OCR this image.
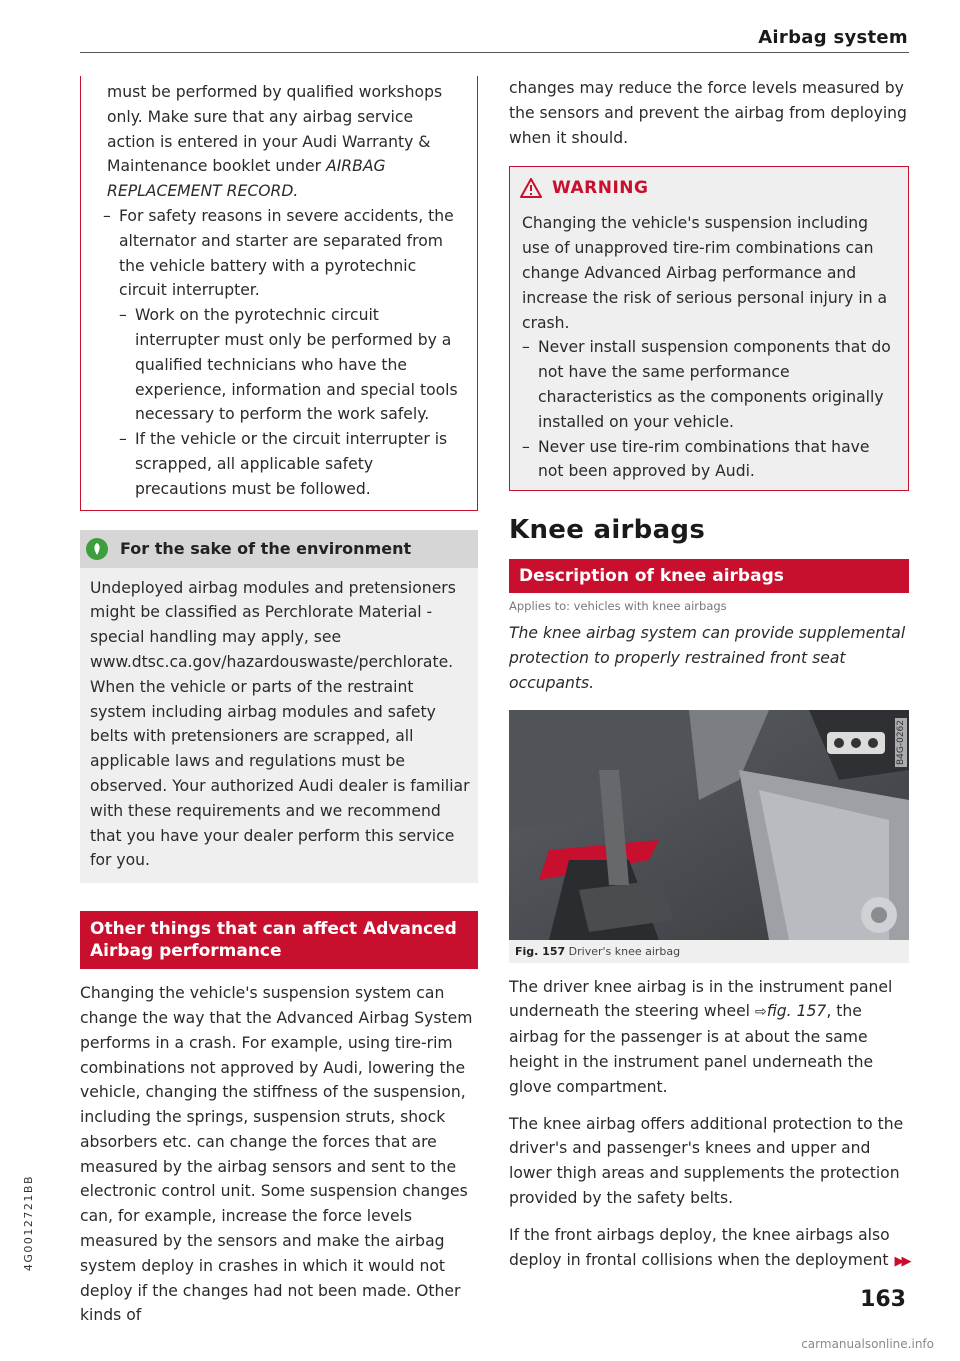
Airbag system

must be performed by qualified workshops only. Make sure that any airbag service action is entered in your Audi Warranty & Maintenance booklet under AIRBAG REPLACEMENT RECORD.

– For safety reasons in severe accidents, the alternator and starter are separated from the vehicle battery with a pyrotechnic circuit interrupter.
– Work on the pyrotechnic circuit interrupter must only be performed by a qualified technicians who have the experience, information and special tools necessary to perform the work safely.
– If the vehicle or the circuit interrupter is scrapped, all applicable safety precautions must be followed.
For the sake of the environment

Undeployed airbag modules and pretensioners might be classified as Perchlorate Material - special handling may apply, see www.dtsc.ca.gov/hazardouswaste/perchlorate. When the vehicle or parts of the restraint system including airbag modules and safety belts with pretensioners are scrapped, all applicable laws and regulations must be observed. Your authorized Audi dealer is familiar with these requirements and we recommend that you have your dealer perform this service for you.

Other things that can affect Advanced Airbag performance

Changing the vehicle's suspension system can change the way that the Advanced Airbag System performs in a crash. For example, using tire-rim combinations not approved by Audi, lowering the vehicle, changing the stiffness of the suspension, including the springs, suspension struts, shock absorbers etc. can change the forces that are measured by the airbag sensors and sent to the electronic control unit. Some suspension changes can, for example, increase the force levels measured by the sensors and make the airbag system deploy in crashes in which it would not deploy if the changes had not been made. Other kinds of

changes may reduce the force levels measured by the sensors and prevent the airbag from deploying when it should.

WARNING

Changing the vehicle's suspension including use of unapproved tire-rim combinations can change Advanced Airbag performance and increase the risk of serious personal injury in a crash.

– Never install suspension components that do not have the same performance characteristics as the components originally installed on your vehicle.
– Never use tire-rim combinations that have not been approved by Audi.
Knee airbags
Description of knee airbags
Applies to: vehicles with knee airbags

The knee airbag system can provide supplemental protection to properly restrained front seat occupants.

B4G-0262
Fig. 157 Driver's knee airbag

The driver knee airbag is in the instrument panel underneath the steering wheel ⇨fig. 157, the airbag for the passenger is at about the same height in the instrument panel underneath the glove compartment.

The knee airbag offers additional protection to the driver's and passenger's knees and upper and lower thigh areas and supplements the protection provided by the safety belts.

If the front airbags deploy, the knee airbags also deploy in frontal collisions when the deployment ▶▶

163
4G0012721BB
carmanualsonline.info
